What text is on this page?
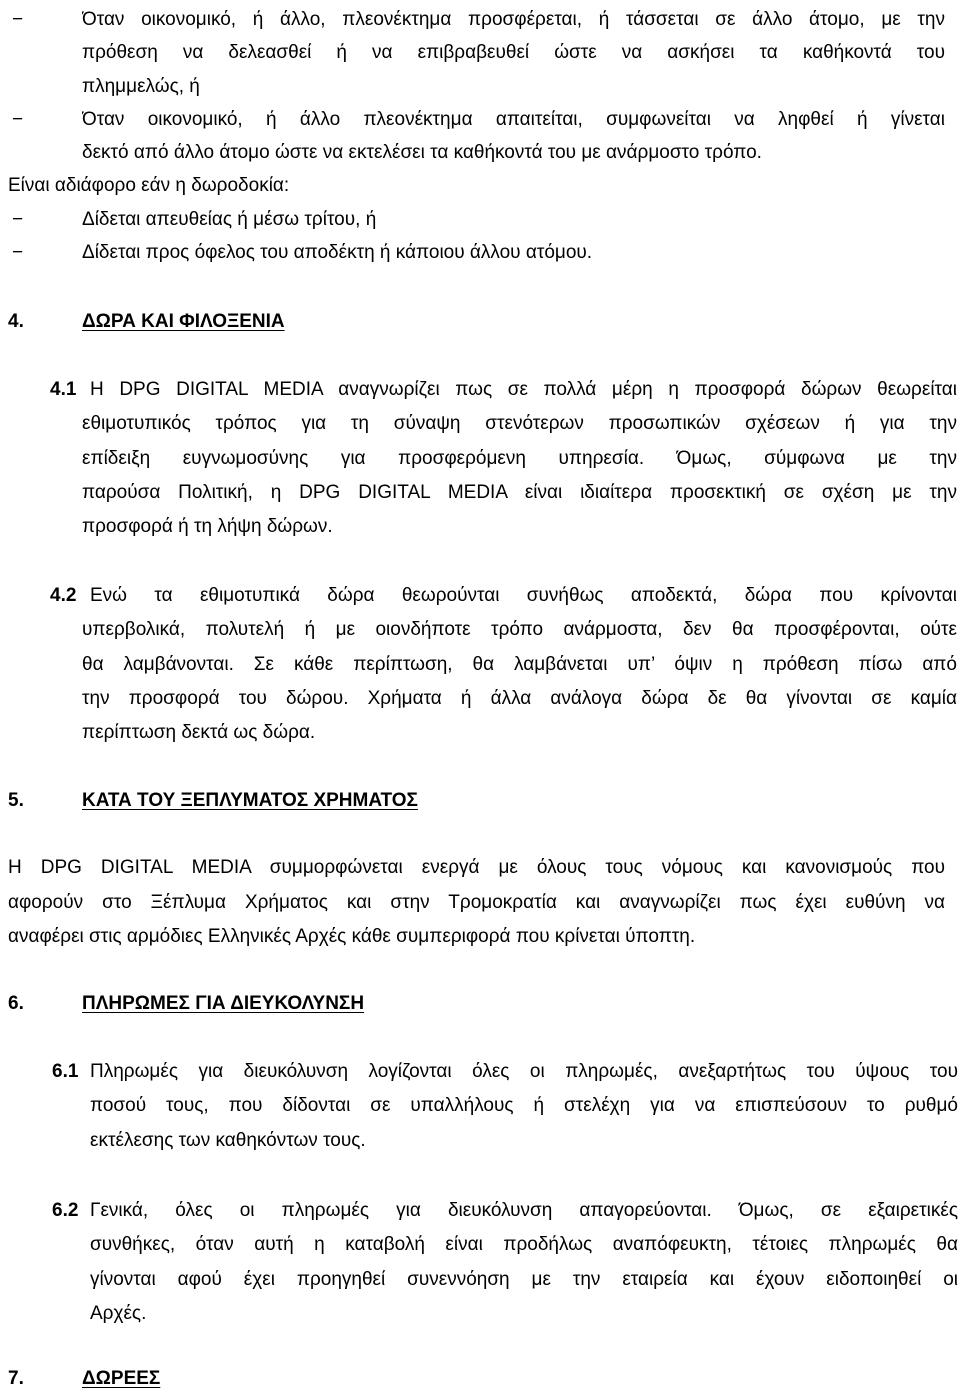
−	Όταν οικονομικό, ή άλλο, πλεονέκτημα προσφέρεται, ή τάσσεται σε άλλο άτομο, με την
πρόθεση να δελεασθεί ή να επιβραβευθεί ώστε να ασκήσει τα καθήκοντά του
πλημμελώς, ή
−	Όταν οικονομικό, ή άλλο πλεονέκτημα απαιτείται, συμφωνείται να ληφθεί ή γίνεται
δεκτό από άλλο άτομο ώστε να εκτελέσει τα καθήκοντά του με ανάρμοστο τρόπο.
Είναι αδιάφορο εάν η δωροδοκία:
−	Δίδεται απευθείας ή μέσω τρίτου, ή
−	Δίδεται προς όφελος του αποδέκτη ή κάποιου άλλου ατόμου.
4.	ΔΩΡΑ ΚΑΙ ΦΙΛΟΞΕΝΙΑ
4.1 Η DPG DIGITAL MEDIA αναγνωρίζει πως σε πολλά μέρη η προσφορά δώρων θεωρείται
εθιμοτυπικός τρόπος για τη σύναψη στενότερων προσωπικών σχέσεων ή για την
επίδειξη ευγνωμοσύνης για προσφερόμενη υπηρεσία. Όμως, σύμφωνα με την
παρούσα Πολιτική, η DPG DIGITAL MEDIA είναι ιδιαίτερα προσεκτική σε σχέση με την
προσφορά ή τη λήψη δώρων.
4.2 Ενώ τα εθιμοτυπικά δώρα θεωρούνται συνήθως αποδεκτά, δώρα που κρίνονται
υπερβολικά, πολυτελή ή με οιονδήποτε τρόπο ανάρμοστα, δεν θα προσφέρονται, ούτε
θα λαμβάνονται. Σε κάθε περίπτωση, θα λαμβάνεται υπ’ όψιν η πρόθεση πίσω από
την προσφορά του δώρου. Χρήματα ή άλλα ανάλογα δώρα δε θα γίνονται σε καμία
περίπτωση δεκτά ως δώρα.
5.	ΚΑΤΑ ΤΟΥ ΞΕΠΛΥΜΑΤΟΣ ΧΡΗΜΑΤΟΣ
Η DPG DIGITAL MEDIA συμμορφώνεται ενεργά με όλους τους νόμους και κανονισμούς που
αφορούν στο Ξέπλυμα Χρήματος και στην Τρομοκρατία και αναγνωρίζει πως έχει ευθύνη να
αναφέρει στις αρμόδιες Ελληνικές Αρχές κάθε συμπεριφορά που κρίνεται ύποπτη.
6.	ΠΛΗΡΩΜΕΣ ΓΙΑ ΔΙΕΥΚΟΛΥΝΣΗ
6.1 Πληρωμές για διευκόλυνση λογίζονται όλες οι πληρωμές, ανεξαρτήτως του ύψους του
ποσού τους, που δίδονται σε υπαλλήλους ή στελέχη για να επισπεύσουν το ρυθμό
εκτέλεσης των καθηκόντων τους.
6.2 Γενικά, όλες οι πληρωμές για διευκόλυνση απαγορεύονται. Όμως, σε εξαιρετικές
συνθήκες, όταν αυτή η καταβολή είναι προδήλως αναπόφευκτη, τέτοιες πληρωμές θα
γίνονται αφού έχει προηγηθεί συνεννόηση με την εταιρεία και έχουν ειδοποιηθεί οι
Αρχές.
7.	ΔΩΡΕΕΣ
